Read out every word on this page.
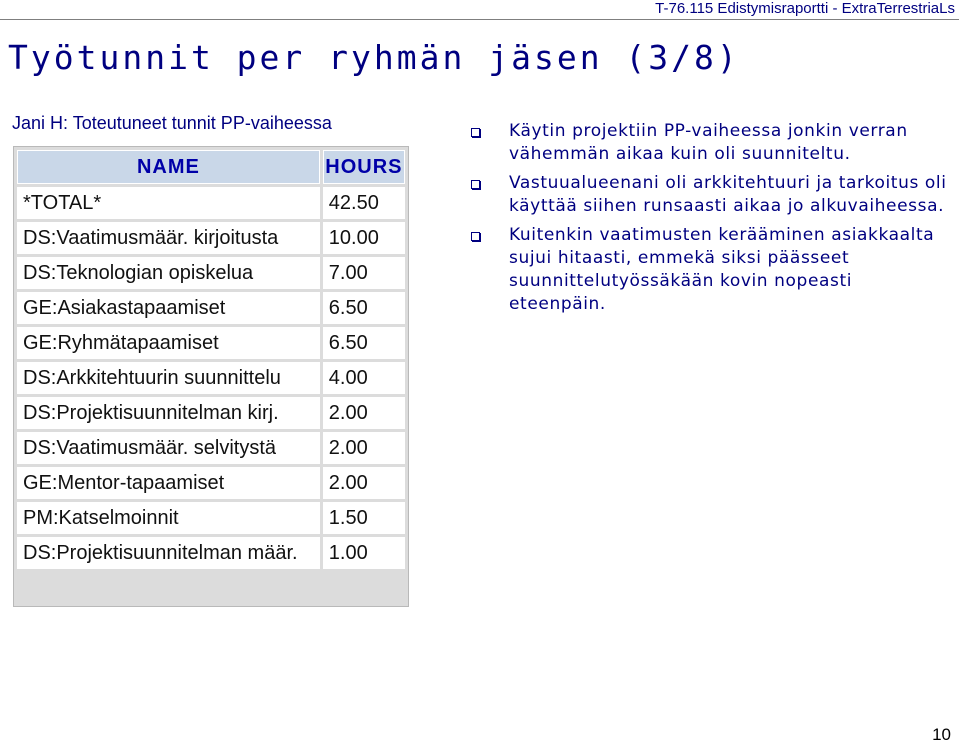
T-76.115 Edistymisraportti - ExtraTerrestriaLs
Työtunnit per ryhmän jäsen (3/8)
Jani H: Toteutuneet tunnit PP-vaiheessa
NAME	HOURS
*TOTAL*	42.50
DS:Vaatimusmäär. kirjoitusta	10.00
DS:Teknologian opiskelua	7.00
GE:Asiakastapaamiset	6.50
GE:Ryhmätapaamiset	6.50
DS:Arkkitehtuurin suunnittelu	4.00
DS:Projektisuunnitelman kirj.	2.00
DS:Vaatimusmäär. selvitystä	2.00
GE:Mentor-tapaamiset	2.00
PM:Katselmoinnit	1.50
DS:Projektisuunnitelman määr.	1.00
Käytin projektiin PP-vaiheessa jonkin verran vähemmän aikaa kuin oli suunniteltu.
Vastuualueenani oli arkkitehtuuri ja tarkoitus oli käyttää siihen runsaasti aikaa jo alkuvaiheessa.
Kuitenkin vaatimusten kerääminen asiakkaalta sujui hitaasti, emmekä siksi päässeet suunnittelutyössäkään kovin nopeasti eteenpäin.
10
